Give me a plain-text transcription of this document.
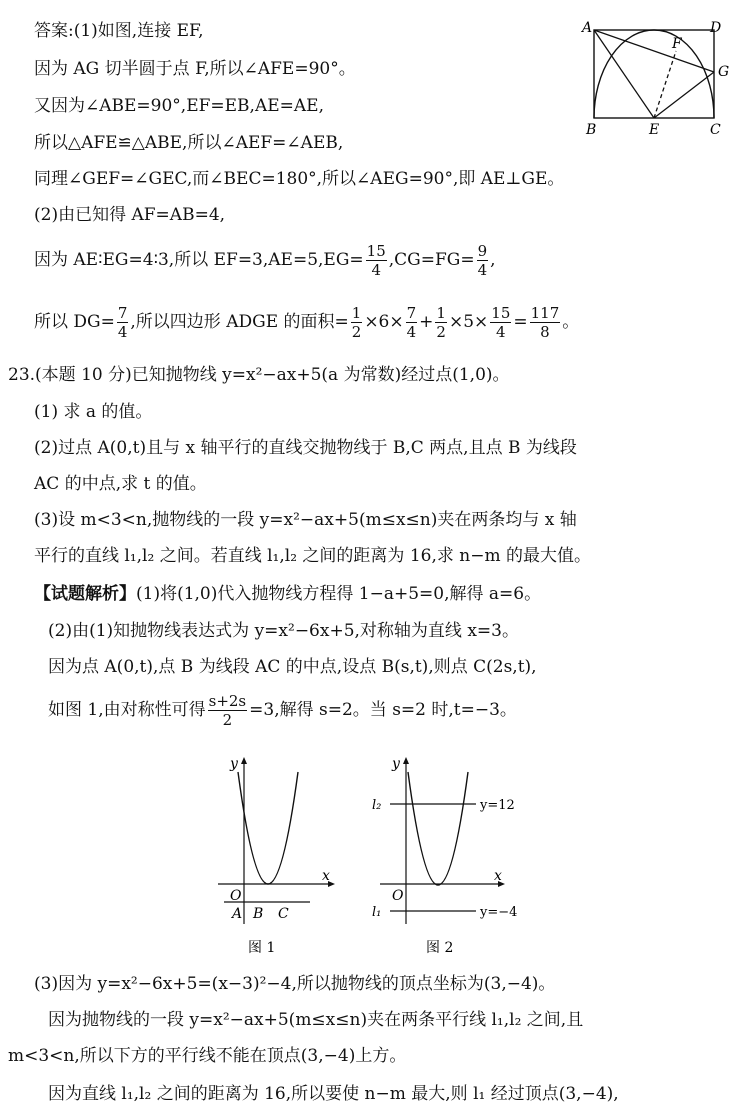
答案:(1)如图,连接 EF,
因为 AG 切半圆于点 F,所以∠AFE=90°。
又因为∠ABE=90°,EF=EB,AE=AE,
所以△AFE≌△ABE,所以∠AEF=∠AEB,
同理∠GEF=∠GEC,而∠BEC=180°,所以∠AEG=90°,即 AE⊥GE。
(2)由已知得 AF=AB=4,
因为 AE∶EG=4∶3,所以 $EF=3,AE=5,EG= \frac{15}{4} ,CG=FG= \frac{9}{4}$ ,
所以 $DG= \frac{7}{4}$ ,所以四边形 ADGE 的面积= $\frac{1}{2} \times 6\times \frac{7}{4} + \frac{1}{2} \times 5\times \frac{15}{4} = \frac{117}{8}$ 。
A	D
F
G
B	E	C
23.(本题 10 分)已知抛物线 y=x²−ax+5(a 为常数)经过点(1,0)。
(1) 求 a 的值。
(2)过点 A(0,t)且与 x 轴平行的直线交抛物线于 B,C 两点,且点 B 为线段
AC 的中点,求 t 的值。
(3)设 m<3<n,抛物线的一段 y=x²−ax+5(m≤x≤n)夹在两条均与 x 轴
平行的直线 l₁,l₂ 之间。若直线 l₁,l₂ 之间的距离为 16,求 n−m 的最大值。
【试题解析】(1)将(1,0)代入抛物线方程得 1−a+5=0,解得 a=6。
(2)由(1)知抛物线表达式为 y=x²−6x+5,对称轴为直线 x=3。
因为点 A(0,t),点 B 为线段 AC 的中点,设点 B(s,t),则点 C(2s,t),
如图 1,由对称性可得 $\frac{s+2s}{2} =3$,解得 s=2。当 s=2 时,t=−3。
y
x
O
A B C
图 1
y
x
O
l₂
l₁
y=12
y=−4
图 2
(3)因为 y=x²−6x+5=(x−3)²−4,所以抛物线的顶点坐标为(3,−4)。
因为抛物线的一段 y=x²−ax+5(m≤x≤n)夹在两条平行线 l₁,l₂ 之间,且
m<3<n,所以下方的平行线不能在顶点(3,−4)上方。
因为直线 l₁,l₂ 之间的距离为 16,所以要使 n−m 最大,则 l₁ 经过顶点(3,−4),
